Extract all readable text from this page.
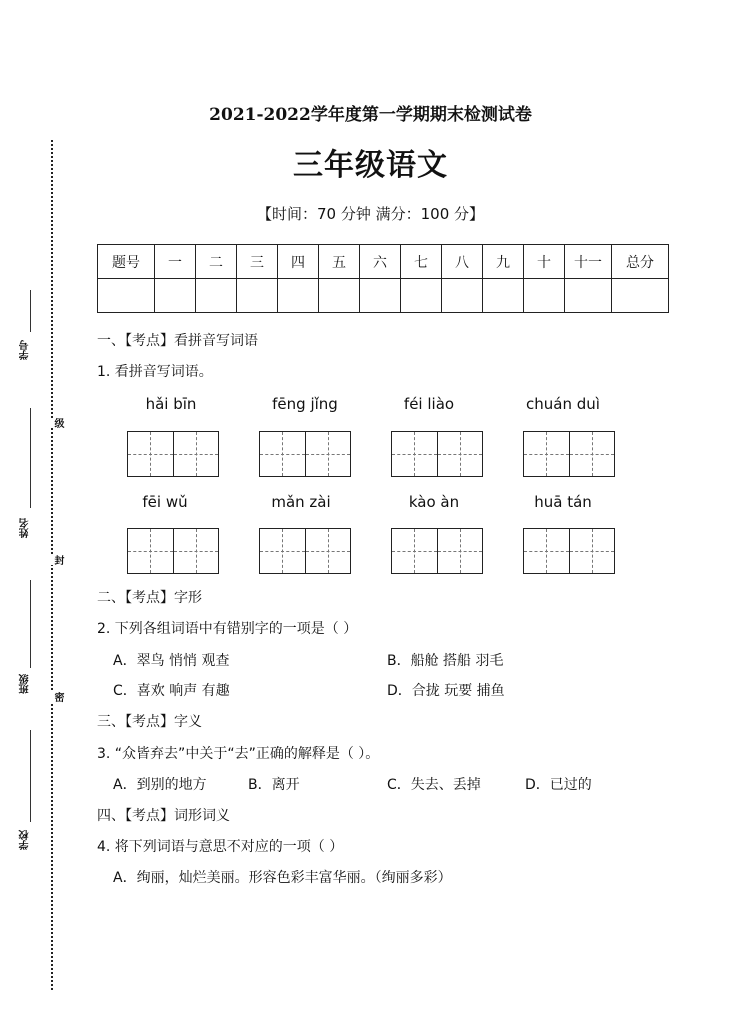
学号
级
姓名
封
班级
密
学校
2021-2022学年度第一学期期末检测试卷
三年级语文
【时间：70 分钟 满分：100 分】
题号	一	二	三	四	五	六	七	八	九	十	十一	总分

一、【考点】看拼音写词语
1. 看拼音写词语。
hǎi bīn	fēng jǐng	féi liào	chuán duì
fēi wǔ	mǎn zài	kào àn	huā tán
二、【考点】字形
2. 下列各组词语中有错别字的一项是（ ）
A．翠鸟 悄悄 观查	B．船舱 搭船 羽毛
C．喜欢 响声 有趣	D．合拢 玩要 捕鱼
三、【考点】字义
3. “众皆弃去”中关于“去”正确的解释是（ ）。
A．到别的地方	B．离开	C．失去、丢掉	D．已过的
四、【考点】词形词义
4. 将下列词语与意思不对应的一项（ ）
A．绚丽，灿烂美丽。形容色彩丰富华丽。（绚丽多彩）
